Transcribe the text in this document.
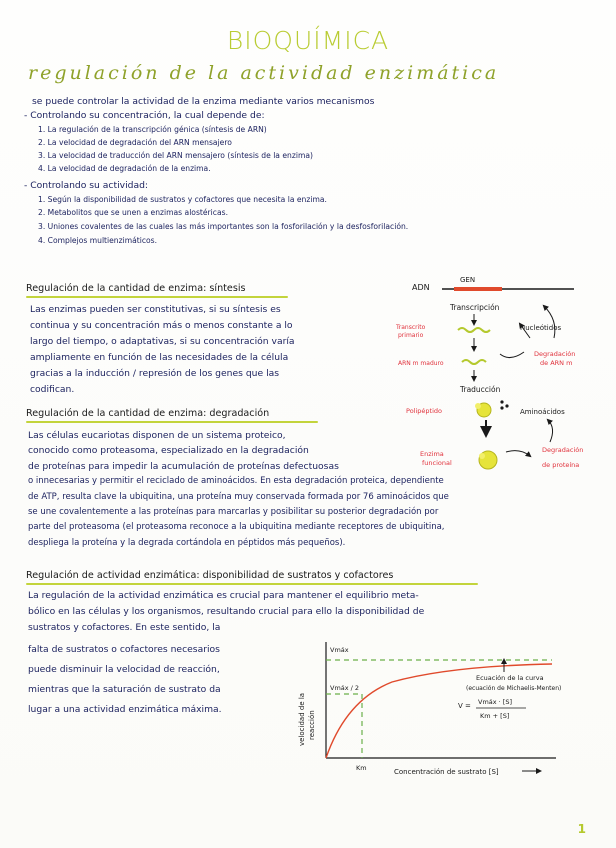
BIOQUÍMICA
regulación de la actividad enzimática
se puede controlar la actividad de la enzima mediante varios mecanismos
- Controlando su concentración, la cual depende de:
1. La regulación de la transcripción génica (síntesis de ARN)
2. La velocidad de degradación del ARN mensajero
3. La velocidad de traducción del ARN mensajero (síntesis de la enzima)
4. La velocidad de degradación de la enzima.
- Controlando su actividad:
1. Según la disponibilidad de sustratos y cofactores que necesita la enzima.
2. Metabolitos que se unen a enzimas alostéricas.
3. Uniones covalentes de las cuales las más importantes son la fosforilación y la desfosforilación.
4. Complejos multienzimáticos.
Regulación de la cantidad de enzima: síntesis
Las enzimas pueden ser constitutivas, si su síntesis es
continua y su concentración más o menos constante a lo
largo del tiempo, o adaptativas, si su concentración varía
ampliamente en función de las necesidades de la célula
gracias a la inducción / represión de los genes que las
codifican.
ADN
GEN
Transcripción
Transcrito
primario
Nucleótidos
ARN m maduro
Degradación
de ARN m
Traducción
Polipéptido	Aminoácidos
Enzima
funcional
Degradación
de proteína
Regulación de la cantidad de enzima: degradación
Las células eucariotas disponen de un sistema proteico,
conocido como proteasoma, especializado en la degradación
de proteínas para impedir la acumulación de proteínas defectuosas
o innecesarias y permitir el reciclado de aminoácidos. En esta degradación proteica, dependiente
de ATP, resulta clave la ubiquitina, una proteína muy conservada formada por 76 aminoácidos que
se une covalentemente a las proteínas para marcarlas y posibilitar su posterior degradación por
parte del proteasoma (el proteasoma reconoce a la ubiquitina mediante receptores de ubiquitina,
despliega la proteína y la degrada cortándola en péptidos más pequeños).
Regulación de actividad enzimática: disponibilidad de sustratos y cofactores
La regulación de la actividad enzimática es crucial para mantener el equilibrio meta-
bólico en las células y los organismos, resultando crucial para ello la disponibilidad de
sustratos y cofactores. En este sentido, la
falta de sustratos o cofactores necesarios
puede disminuir la velocidad de reacción,
mientras que la saturación de sustrato da
lugar a una actividad enzimática máxima.
Vmáx
Vmáx / 2
Km	Concentración de sustrato [S]
velocidad de la reacción
Ecuación de la curva
(ecuación de Michaelis-Menten)
V = Vmáx · [S]
Km + [S]
1
